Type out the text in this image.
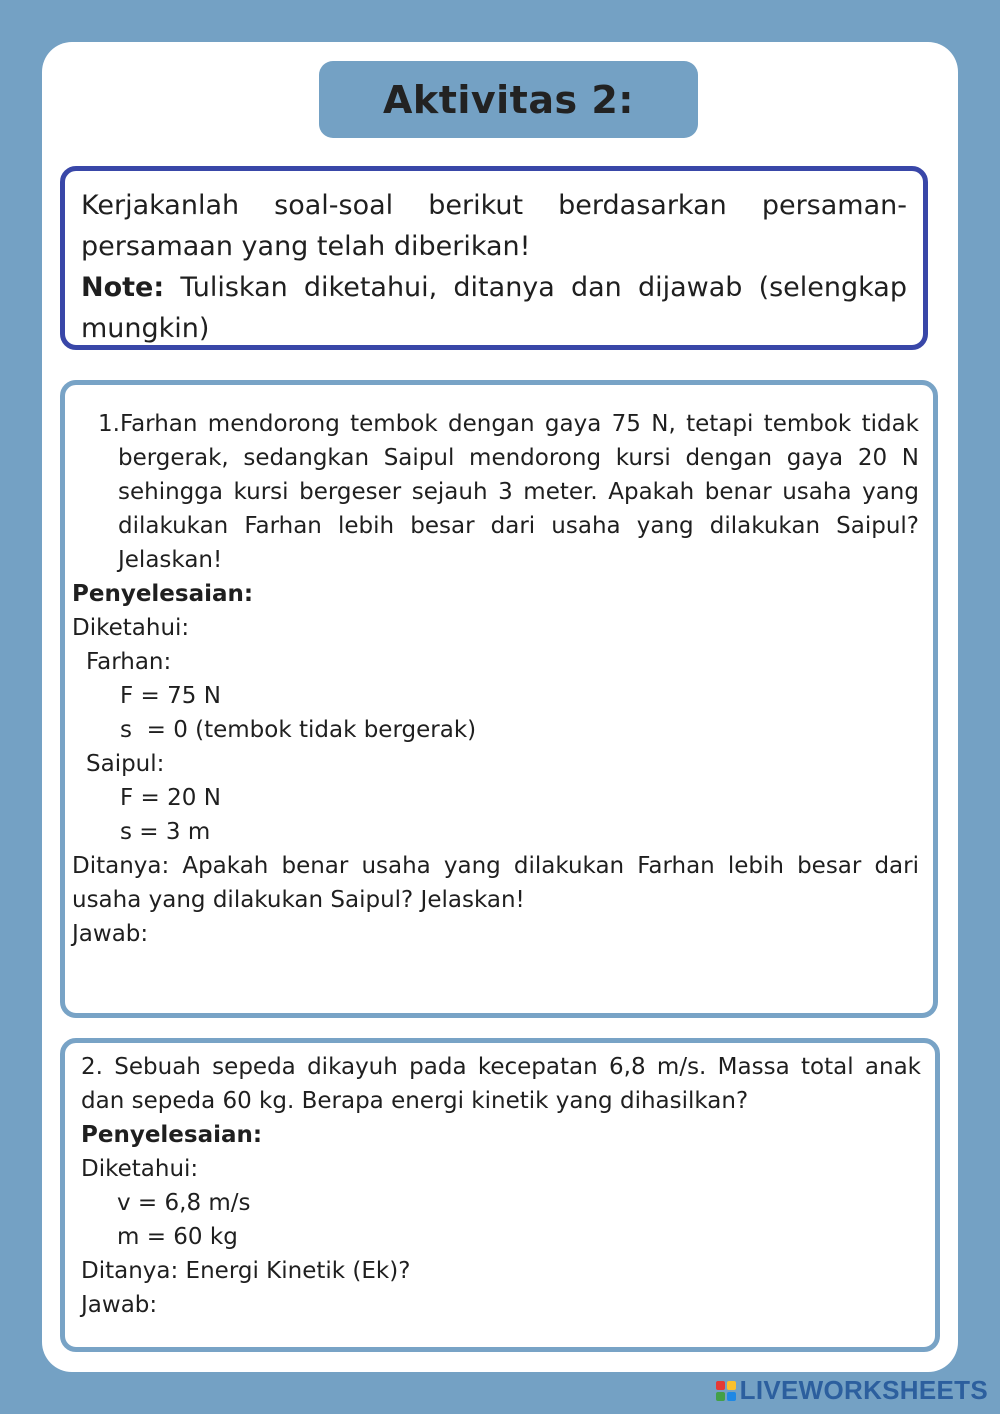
Aktivitas 2:

Kerjakanlah soal-soal berikut berdasarkan persaman-persamaan yang telah diberikan!

Note: Tuliskan diketahui, ditanya dan dijawab (selengkap mungkin)

1.Farhan mendorong tembok dengan gaya 75 N, tetapi tembok tidak bergerak, sedangkan Saipul mendorong kursi dengan gaya 20 N sehingga kursi bergeser sejauh 3 meter. Apakah benar usaha yang dilakukan Farhan lebih besar dari usaha yang dilakukan Saipul? Jelaskan!

Penyelesaian:

Diketahui:

Farhan:

F = 75 N

s  = 0 (tembok tidak bergerak)

Saipul:

F = 20 N

s = 3 m

Ditanya: Apakah benar usaha yang dilakukan Farhan lebih besar dari usaha yang dilakukan Saipul? Jelaskan!

Jawab:

2. Sebuah sepeda dikayuh pada kecepatan 6,8 m/s. Massa total anak dan sepeda 60 kg. Berapa energi kinetik yang dihasilkan?

Penyelesaian:

Diketahui:

v = 6,8 m/s

m = 60 kg

Ditanya: Energi Kinetik (Ek)?

Jawab:

LIVEWORKSHEETS
